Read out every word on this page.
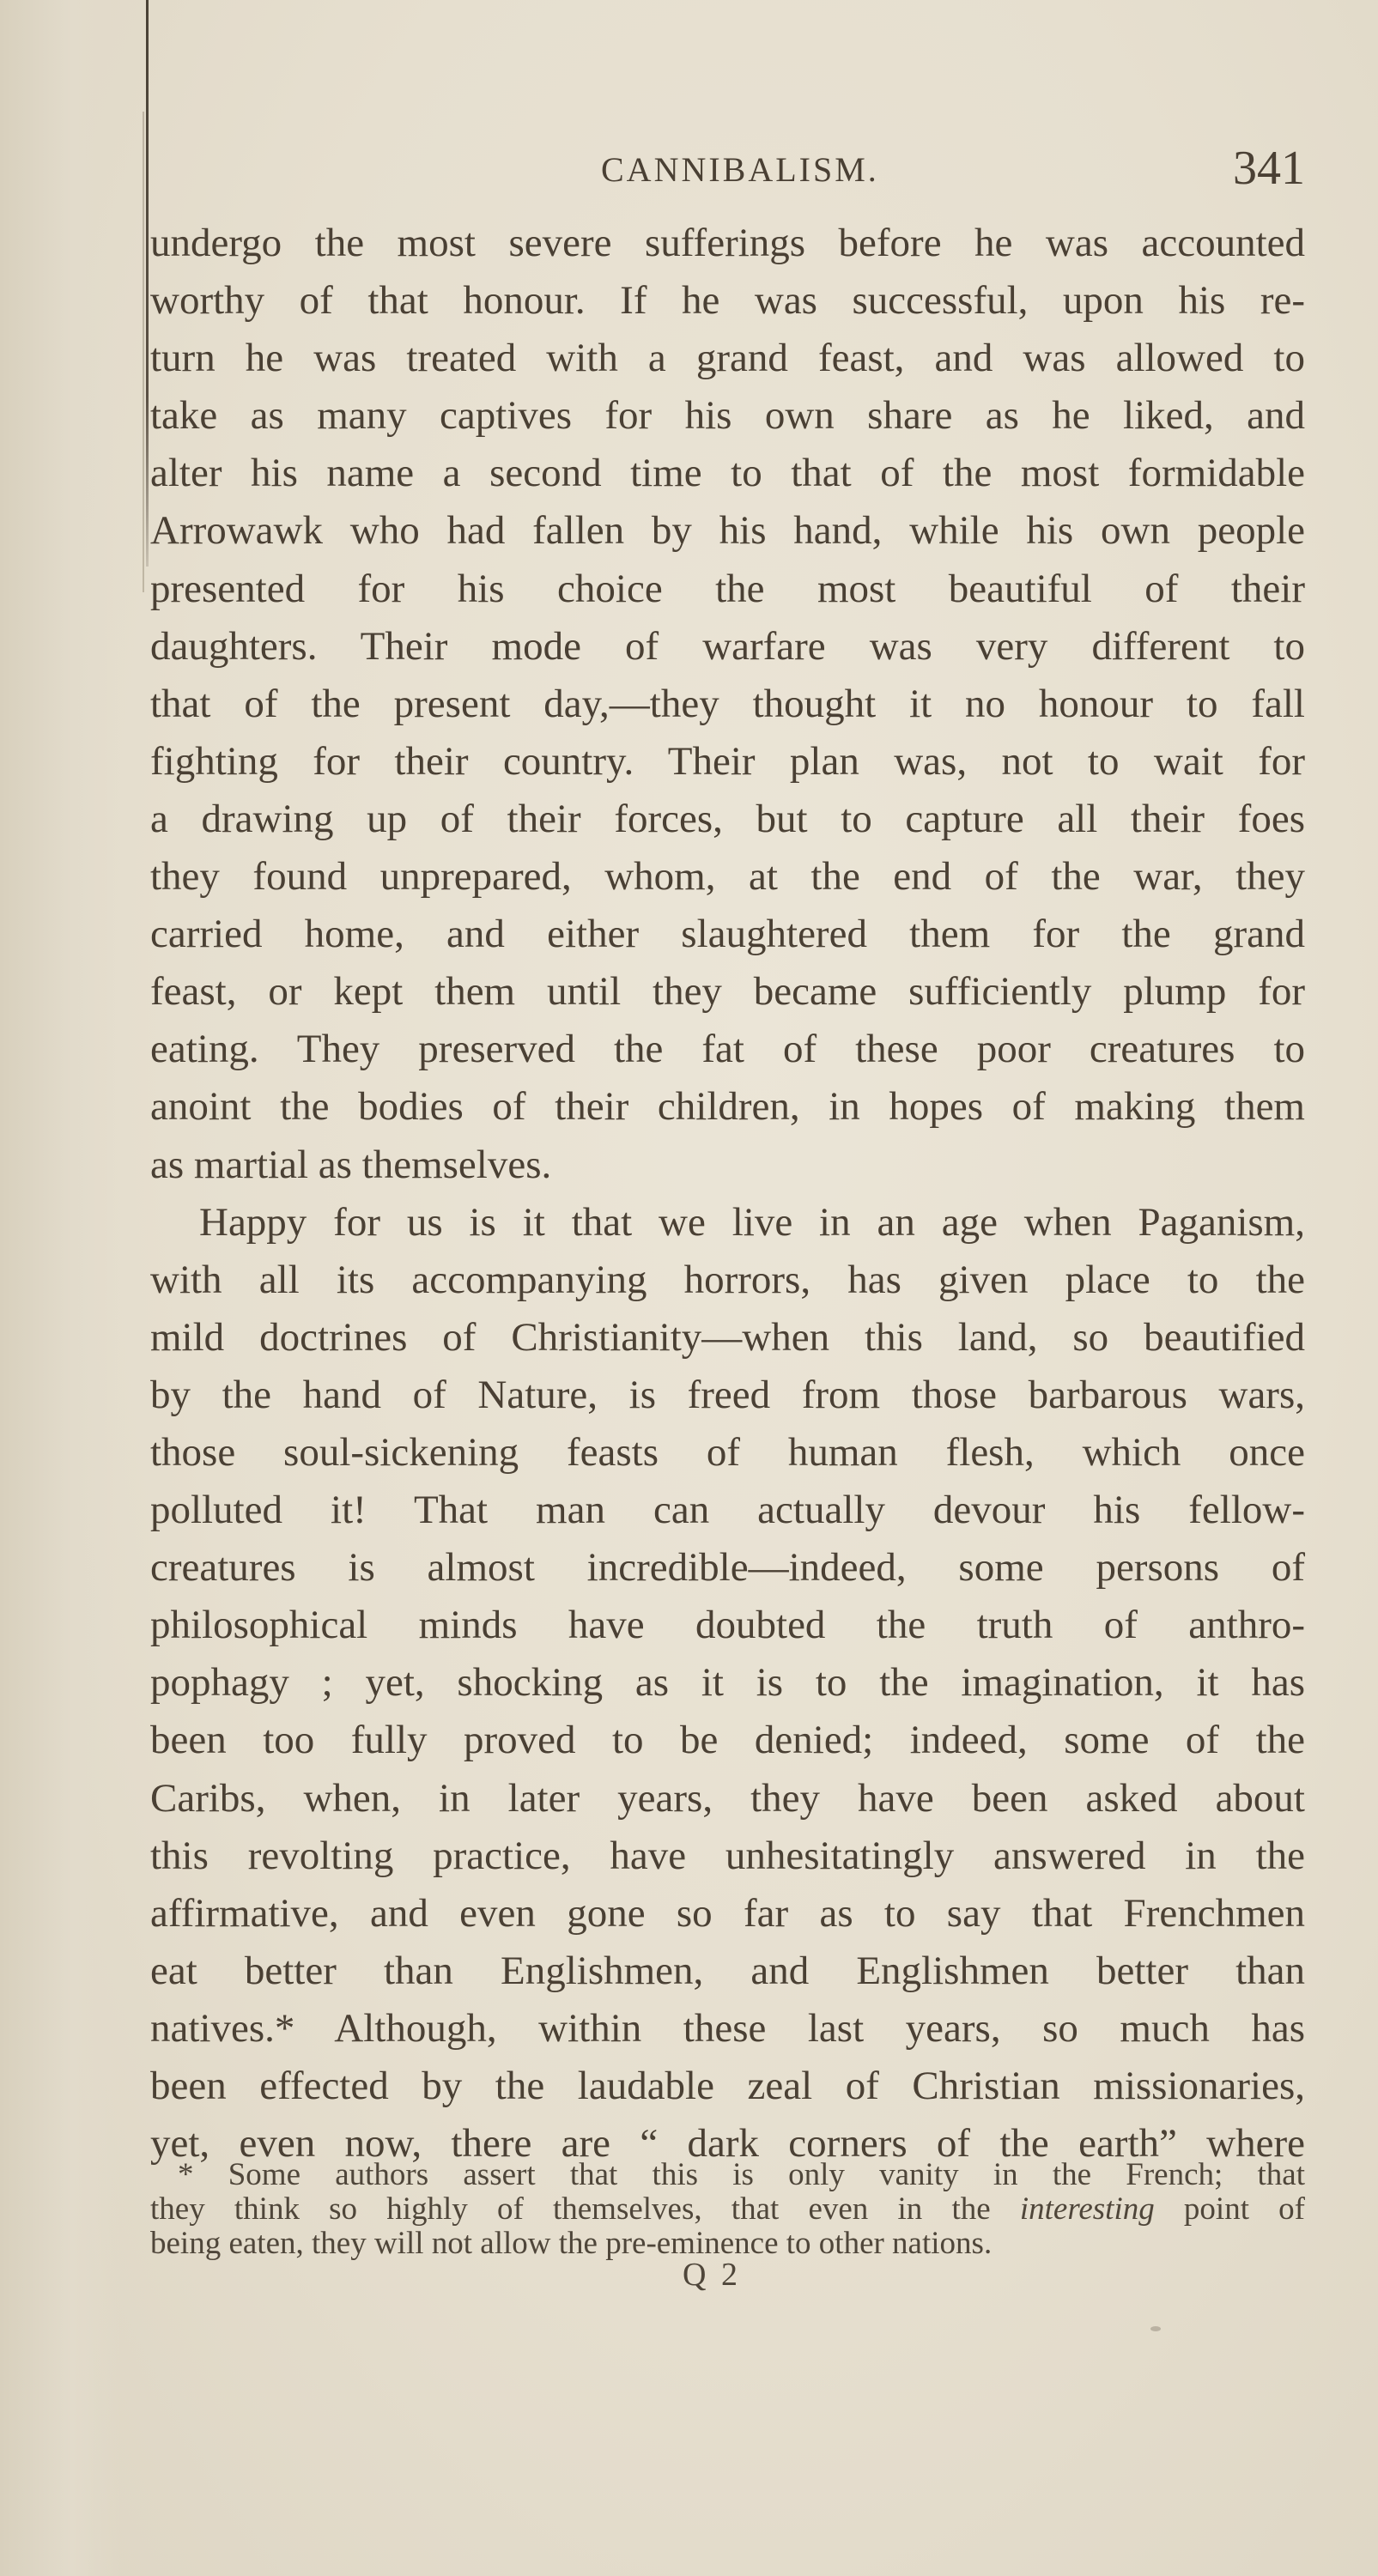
CANNIBALISM.	341
undergo the most severe sufferings before he was accounted
worthy of that honour. If he was successful, upon his re-
turn he was treated with a grand feast, and was allowed to
take as many captives for his own share as he liked, and
alter his name a second time to that of the most formidable
Arrowawk who had fallen by his hand, while his own people
presented for his choice the most beautiful of their
daughters. Their mode of warfare was very different to
that of the present day,—they thought it no honour to fall
fighting for their country. Their plan was, not to wait for
a drawing up of their forces, but to capture all their foes
they found unprepared, whom, at the end of the war, they
carried home, and either slaughtered them for the grand
feast, or kept them until they became sufficiently plump for
eating. They preserved the fat of these poor creatures to
anoint the bodies of their children, in hopes of making them
as martial as themselves.
Happy for us is it that we live in an age when Paganism,
with all its accompanying horrors, has given place to the
mild doctrines of Christianity—when this land, so beautified
by the hand of Nature, is freed from those barbarous wars,
those soul-sickening feasts of human flesh, which once
polluted it! That man can actually devour his fellow-
creatures is almost incredible—indeed, some persons of
philosophical minds have doubted the truth of anthro-
pophagy ; yet, shocking as it is to the imagination, it has
been too fully proved to be denied; indeed, some of the
Caribs, when, in later years, they have been asked about
this revolting practice, have unhesitatingly answered in the
affirmative, and even gone so far as to say that Frenchmen
eat better than Englishmen, and Englishmen better than
natives.* Although, within these last years, so much has
been effected by the laudable zeal of Christian missionaries,
yet, even now, there are “ dark corners of the earth” where
* Some authors assert that this is only vanity in the French; that
they think so highly of themselves, that even in the interesting point of
being eaten, they will not allow the pre-eminence to other nations.
Q 2
